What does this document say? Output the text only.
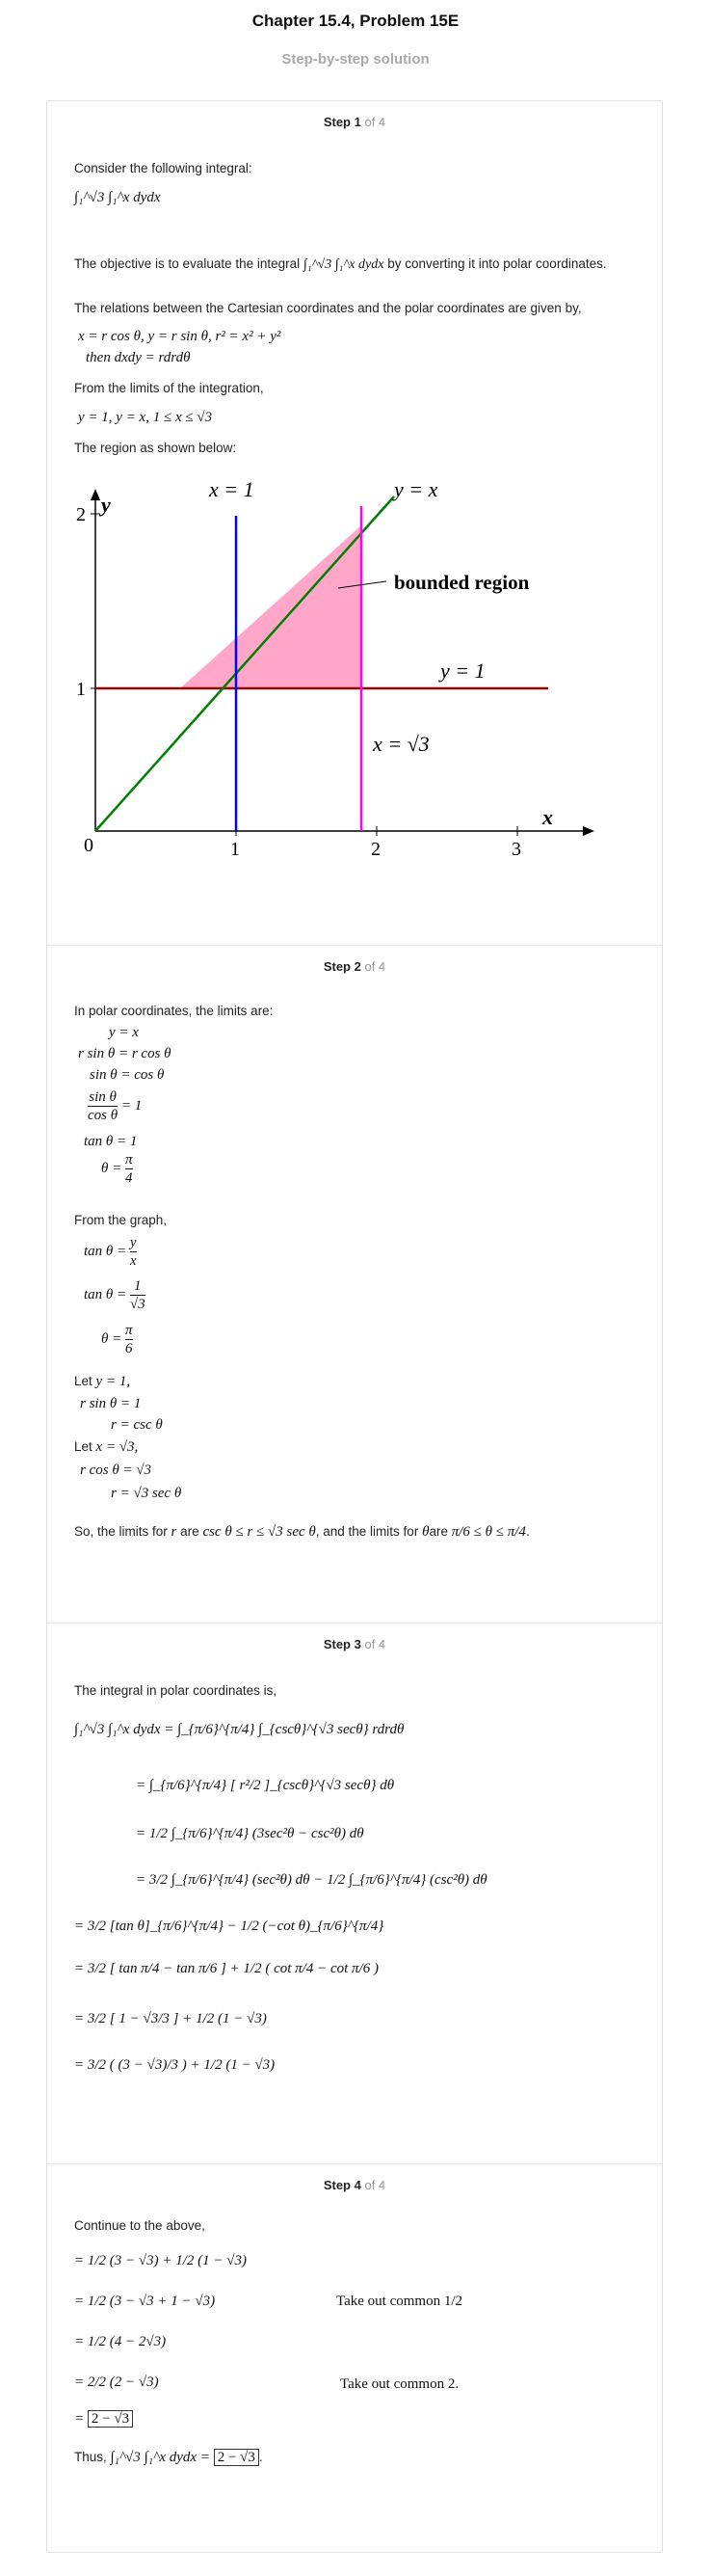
Chapter 15.4, Problem 15E
Step-by-step solution
Step 1 of 4
Consider the following integral:
∫₁^√3 ∫₁^x dydx
The objective is to evaluate the integral ∫₁^√3 ∫₁^x dydx by converting it into polar coordinates.
The relations between the Cartesian coordinates and the polar coordinates are given by,
x = r cos θ, y = r sin θ, r² = x² + y²
then dxdy = rdrdθ
From the limits of the integration,
y = 1, y = x, 1 ≤ x ≤ √3
The region as shown below:
x = 1	y = x
bounded region
y = 1
x = √3
x
y
0	1	2	3
1
2
Step 2 of 4
In polar coordinates, the limits are:
y = x
r sin θ = r cos θ
sin θ = cos θ
$\frac{\text{sin θ}}{\text{cos θ}} = 1$
tan θ = 1
$\theta = \frac{\pi}{4}$
From the graph,
$\tan \theta = \frac{y}{x}$
$\tan \theta = \frac{1}{√3}$
$\theta = \frac{\pi}{6}$
Let y = 1,
r sin θ = 1
r = csc θ
Let x = √3,
r cos θ = √3
r = √3 sec θ
So, the limits for r are csc θ ≤ r ≤ √3 sec θ, and the limits for θare π/6 ≤ θ ≤ π/4.
Step 3 of 4
The integral in polar coordinates is,
∫₁^√3 ∫₁^x dydx = ∫_{π/6}^{π/4} ∫_{cscθ}^{√3 secθ} rdrdθ
= ∫_{π/6}^{π/4} [ r²/2 ]_{cscθ}^{√3 secθ} dθ
= 1/2 ∫_{π/6}^{π/4} (3sec²θ − csc²θ) dθ
= 3/2 ∫_{π/6}^{π/4} (sec²θ) dθ − 1/2 ∫_{π/6}^{π/4} (csc²θ) dθ
= 3/2 [tan θ]_{π/6}^{π/4} − 1/2 (−cot θ)_{π/6}^{π/4}
= 3/2 [ tan π/4 − tan π/6 ] + 1/2 ( cot π/4 − cot π/6 )
= 3/2 [ 1 − √3/3 ] + 1/2 (1 − √3)
= 3/2 ( (3 − √3)/3 ) + 1/2 (1 − √3)
Step 4 of 4
Continue to the above,
= 1/2 (3 − √3) + 1/2 (1 − √3)
= 1/2 (3 − √3 + 1 − √3)	Take out common 1/2
= 1/2 (4 − 2√3)
= 2/2 (2 − √3)	Take out common 2.
= 2 − √3
Thus, ∫₁^√3 ∫₁^x dydx = 2 − √3 .
